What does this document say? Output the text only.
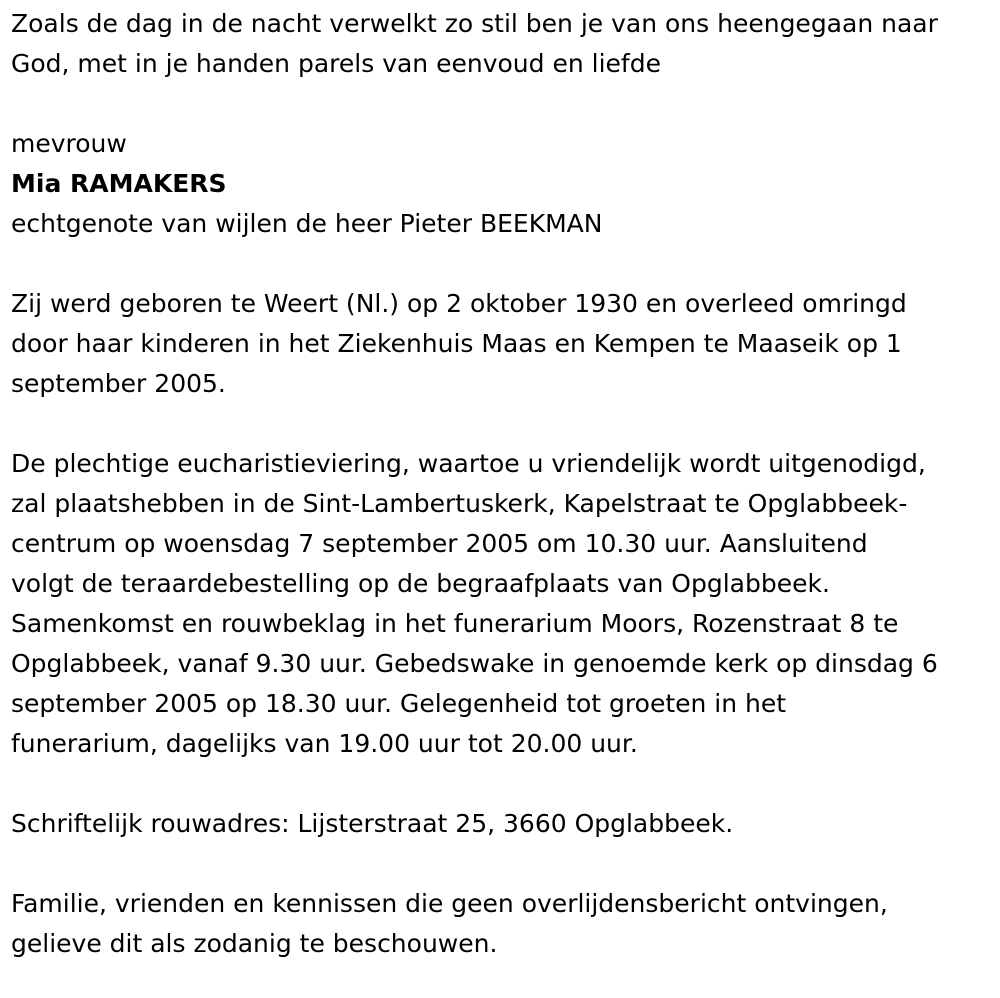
Zoals de dag in de nacht verwelkt zo stil ben je van ons heengegaan naar
God, met in je handen parels van eenvoud en liefde

mevrouw

Mia RAMAKERS

echtgenote van wijlen de heer Pieter BEEKMAN

Zij werd geboren te Weert (Nl.) op 2 oktober 1930 en overleed omringd
door haar kinderen in het Ziekenhuis Maas en Kempen te Maaseik op 1
september 2005.

De plechtige eucharistieviering, waartoe u vriendelijk wordt uitgenodigd,
zal plaatshebben in de Sint-Lambertuskerk, Kapelstraat te Opglabbeek-
centrum op woensdag 7 september 2005 om 10.30 uur. Aansluitend
volgt de teraardebestelling op de begraafplaats van Opglabbeek.
Samenkomst en rouwbeklag in het funerarium Moors, Rozenstraat 8 te
Opglabbeek, vanaf 9.30 uur. Gebedswake in genoemde kerk op dinsdag 6
september 2005 op 18.30 uur. Gelegenheid tot groeten in het
funerarium, dagelijks van 19.00 uur tot 20.00 uur.

Schriftelijk rouwadres: Lijsterstraat 25, 3660 Opglabbeek.

Familie, vrienden en kennissen die geen overlijdensbericht ontvingen,
gelieve dit als zodanig te beschouwen.
